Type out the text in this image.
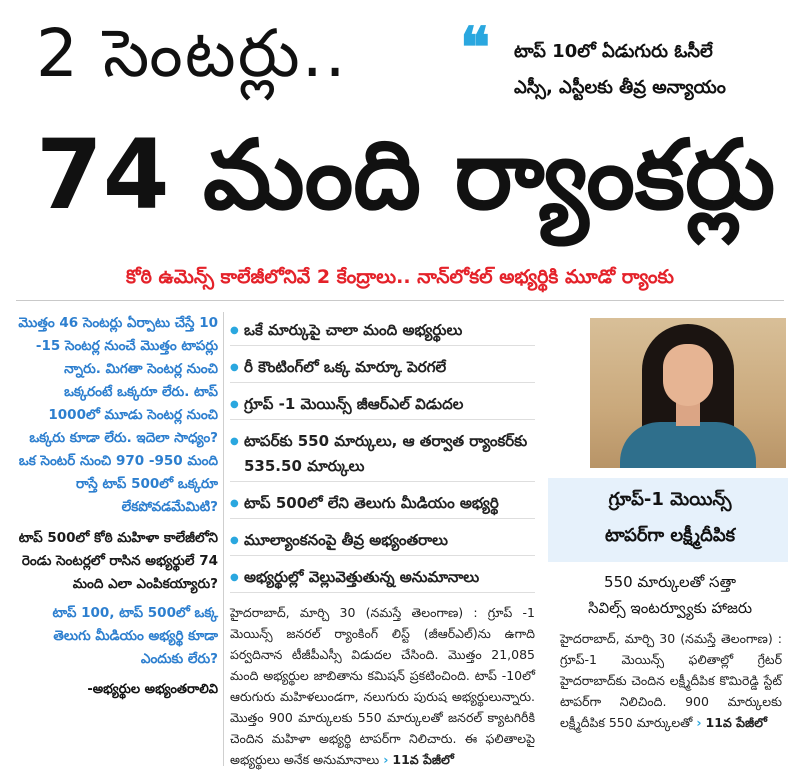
2 సెంటర్లు.. ❝ టాప్ 10లో ఏడుగురు ఓసీలే
ఎస్సీ, ఎస్టీలకు తీవ్ర అన్యాయం
74 మంది ర్యాంకర్లు
కోఠి ఉమెన్స్ కాలేజీలోనివే 2 కేంద్రాలు.. నాన్‌లోకల్ అభ్యర్థికి మూడో ర్యాంకు
మొత్తం 46 సెంటర్లు ఏర్పాటు చేస్తే 10 -15 సెంటర్ల నుంచే మొత్తం టాపర్లు న్నారు. మిగతా సెంటర్ల నుంచి ఒక్కరంటే ఒక్కరూ లేరు. టాప్ 1000లో మూడు సెంటర్ల నుంచి ఒక్కరు కూడా లేరు. ఇదెలా సాధ్యం? ఒక సెంటర్ నుంచి 970 -950 మంది రాస్తే టాప్ 500లో ఒక్కరూ లేకపోవడమేమిటి?
టాప్ 500లో కోఠి మహిళా కాలేజీలోని రెండు సెంటర్లలో రాసిన అభ్యర్థులే 74 మంది ఎలా ఎంపికయ్యారు?
టాప్ 100, టాప్ 500లో ఒక్క తెలుగు మీడియం అభ్యర్థి కూడా ఎందుకు లేరు?
-అభ్యర్థుల అభ్యంతరాలివి
● ఒకే మార్కుపై చాలా మంది అభ్యర్థులు
● రీ కౌంటింగ్‌లో ఒక్క మార్కూ పెరగలే
● గ్రూప్ -1 మెయిన్స్ జీఆర్ఎల్ విడుదల
● టాపర్‌కు 550 మార్కులు, ఆ తర్వాత ర్యాంకర్‌కు 535.50 మార్కులు
● టాప్ 500లో లేని తెలుగు మీడియం అభ్యర్థి
● మూల్యాంకనంపై తీవ్ర అభ్యంతరాలు
● అభ్యర్థుల్లో వెల్లువెత్తుతున్న అనుమానాలు
హైదరాబాద్, మార్చి 30 (నమస్తే తెలంగాణ) : గ్రూప్ -1 మెయిన్స్ జనరల్ ర్యాంకింగ్ లిస్ట్ (జీఆర్ఎల్)ను ఉగాది పర్వదినాన టీజీపీఎస్సీ విడుదల చేసింది. మొత్తం 21,085 మంది అభ్యర్థుల జాబితాను కమిషన్ ప్రకటించింది. టాప్ -10లో ఆరుగురు మహిళలుండగా, నలుగురు పురుష అభ్యర్థులున్నారు. మొత్తం 900 మార్కులకు 550 మార్కులతో జనరల్ క్యాటగిరీకి చెందిన మహిళా అభ్యర్థి టాపర్‌గా నిలిచారు. ఈ ఫలితాలపై అభ్యర్థులు అనేక అనుమానాలు › 11వ పేజీలో
గ్రూప్-1 మెయిన్స్
టాపర్‌గా లక్ష్మీదీపిక
550 మార్కులతో సత్తా
సివిల్స్ ఇంటర్వ్యూకు హాజరు
హైదరాబాద్, మార్చి 30 (నమస్తే తెలంగాణ) : గ్రూప్-1 మెయిన్స్ ఫలితాల్లో గ్రేటర్ హైదరాబాద్‌కు చెందిన లక్ష్మీదీపిక కొమిరెడ్డి స్టేట్ టాపర్‌గా నిలిచింది. 900 మార్కులకు లక్ష్మీదీపిక 550 మార్కులతో › 11వ పేజీలో
